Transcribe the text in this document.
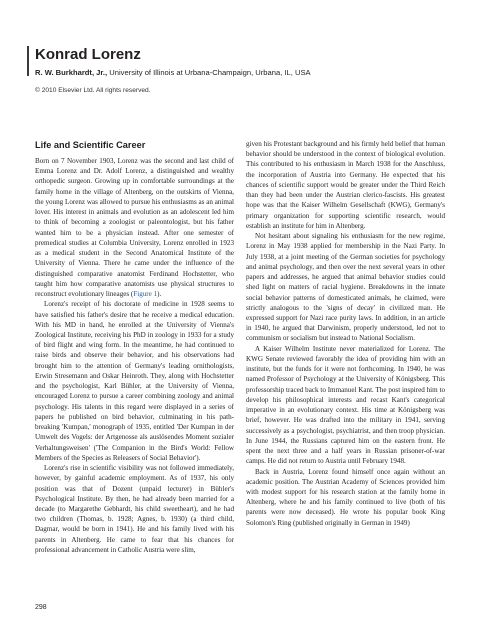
Konrad Lorenz
R. W. Burkhardt, Jr., University of Illinois at Urbana-Champaign, Urbana, IL, USA
© 2010 Elsevier Ltd. All rights reserved.
Life and Scientific Career

Born on 7 November 1903, Lorenz was the second and last child of Emma Lorenz and Dr. Adolf Lorenz, a distinguished and wealthy orthopedic surgeon. Growing up in comfortable surroundings at the family home in the village of Altenberg, on the outskirts of Vienna, the young Lorenz was allowed to pursue his enthusiasms as an animal lover. His interest in animals and evolution as an adolescent led him to think of becoming a zoologist or paleontologist, but his father wanted him to be a physician instead. After one semester of premedical studies at Columbia University, Lorenz enrolled in 1923 as a medical student in the Second Anatomical Institute of the University of Vienna. There he came under the influence of the distinguished comparative anatomist Ferdinand Hochstetter, who taught him how comparative anatomists use physical structures to reconstruct evolutionary lineages (Figure 1).

Lorenz's receipt of his doctorate of medicine in 1928 seems to have satisfied his father's desire that he receive a medical education. With his MD in hand, he enrolled at the University of Vienna's Zoological Institute, receiving his PhD in zoology in 1933 for a study of bird flight and wing form. In the meantime, he had continued to raise birds and observe their behavior, and his observations had brought him to the attention of Germany's leading ornithologists, Erwin Stresemann and Oskar Heinroth. They, along with Hochstetter and the psychologist, Karl Bühler, at the University of Vienna, encouraged Lorenz to pursue a career combining zoology and animal psychology. His talents in this regard were displayed in a series of papers he published on bird behavior, culminating in his path-breaking 'Kumpan,' monograph of 1935, entitled 'Der Kumpan in der Umwelt des Vogels: der Artgenosse als auslösendes Moment sozialer Verhaltungsweisen' ('The Companion in the Bird's World: Fellow Members of the Species as Releasers of Social Behavior').

Lorenz's rise in scientific visibility was not followed immediately, however, by gainful academic employment. As of 1937, his only position was that of Dozent (unpaid lecturer) in Bühler's Psychological Institute. By then, he had already been married for a decade (to Margarethe Gebhardt, his child sweetheart), and he had two children (Thomas, b. 1928; Agnes, b. 1930) (a third child, Dagmar, would be born in 1941). He and his family lived with his parents in Altenberg. He came to fear that his chances for professional advancement in Catholic Austria were slim,

given his Protestant background and his firmly held belief that human behavior should be understood in the context of biological evolution. This contributed to his enthusiasm in March 1938 for the Anschluss, the incorporation of Austria into Germany. He expected that his chances of scientific support would be greater under the Third Reich than they had been under the Austrian clerico-fascists. His greatest hope was that the Kaiser Wilhelm Gesellschaft (KWG), Germany's primary organization for supporting scientific research, would establish an institute for him in Altenberg.

Not hesitant about signaling his enthusiasm for the new regime, Lorenz in May 1938 applied for membership in the Nazi Party. In July 1938, at a joint meeting of the German societies for psychology and animal psychology, and then over the next several years in other papers and addresses, he argued that animal behavior studies could shed light on matters of racial hygiene. Breakdowns in the innate social behavior patterns of domesticated animals, he claimed, were strictly analogous to the 'signs of decay' in civilized man. He expressed support for Nazi race purity laws. In addition, in an article in 1940, he argued that Darwinism, properly understood, led not to communism or socialism but instead to National Socialism.

A Kaiser Wilhelm Institute never materialized for Lorenz. The KWG Senate reviewed favorably the idea of providing him with an institute, but the funds for it were not forthcoming. In 1940, he was named Professor of Psychology at the University of Königsberg. This professorship traced back to Immanuel Kant. The post inspired him to develop his philosophical interests and recast Kant's categorical imperative in an evolutionary context. His time at Königsberg was brief, however. He was drafted into the military in 1941, serving successively as a psychologist, psychiatrist, and then troop physician. In June 1944, the Russians captured him on the eastern front. He spent the next three and a half years in Russian prisoner-of-war camps. He did not return to Austria until February 1948.

Back in Austria, Lorenz found himself once again without an academic position. The Austrian Academy of Sciences provided him with modest support for his research station at the family home in Altenberg, where he and his family continued to live (both of his parents were now deceased). He wrote his popular book King Solomon's Ring (published originally in German in 1949)

298
